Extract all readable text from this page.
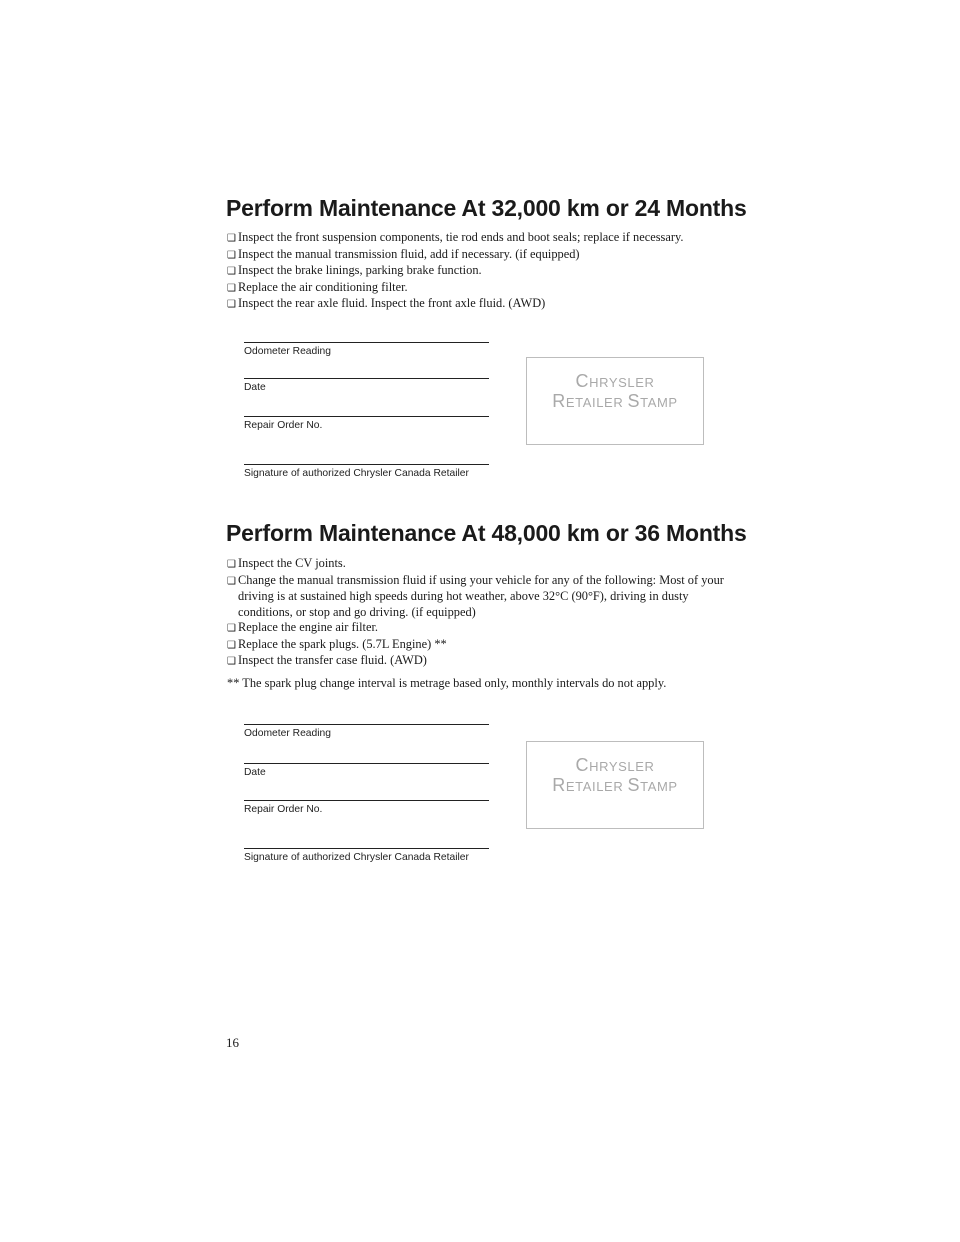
Perform Maintenance At 32,000 km or 24 Months
❑ Inspect the front suspension components, tie rod ends and boot seals; replace if necessary.
❑ Inspect the manual transmission fluid, add if necessary. (if equipped)
❑ Inspect the brake linings, parking brake function.
❑ Replace the air conditioning filter.
❑ Inspect the rear axle fluid. Inspect the front axle fluid. (AWD)
Odometer Reading
Date
Repair Order No.
Signature of authorized Chrysler Canada Retailer
CHRYSLER
RETAILER STAMP
Perform Maintenance At 48,000 km or 36 Months
❑ Inspect the CV joints.
❑ Change the manual transmission fluid if using your vehicle for any of the following: Most of your driving is at sustained high speeds during hot weather, above 32°C (90°F), driving in dusty conditions, or stop and go driving. (if equipped)
❑ Replace the engine air filter.
❑ Replace the spark plugs. (5.7L Engine) **
❑ Inspect the transfer case fluid. (AWD)

** The spark plug change interval is metrage based only, monthly intervals do not apply.

Odometer Reading
Date
Repair Order No.
Signature of authorized Chrysler Canada Retailer
CHRYSLER
RETAILER STAMP

16
